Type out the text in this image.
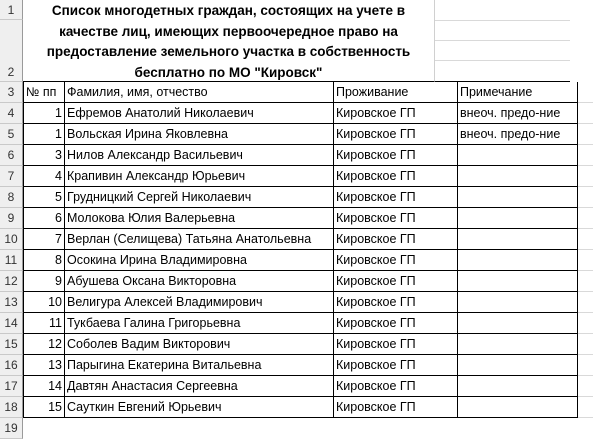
1
2
3
4
5
6
7
8
9
10
11
12
13
14
15
16
17
18
19
Список многодетных граждан, состоящих на учете в
качестве лиц, имеющих первоочередное право на
предоставление земельного участка в собственность
бесплатно по МО "Кировск"
№ пп Фамилия, имя, отчество	Проживание	Примечание
1 Ефремов Анатолий Николаевич	Кировское ГП	внеоч. предо-ние
1 Вольская Ирина Яковлевна	Кировское ГП	внеоч. предо-ние
3 Нилов Александр Васильевич	Кировское ГП
4 Крапивин Александр Юрьевич	Кировское ГП
5 Грудницкий Сергей Николаевич	Кировское ГП
6 Молокова Юлия Валерьевна	Кировское ГП
7 Верлан (Селищева) Татьяна Анатольевна	Кировское ГП
8 Осокина Ирина Владимировна	Кировское ГП
9 Абушева Оксана Викторовна	Кировское ГП
10 Велигура Алексей Владимирович	Кировское ГП
11 Тукбаева Галина Григорьевна	Кировское ГП
12 Соболев Вадим Викторович	Кировское ГП
13 Парыгина Екатерина Витальевна	Кировское ГП
14 Давтян Анастасия Сергеевна	Кировское ГП
15 Сауткин Евгений Юрьевич	Кировское ГП
